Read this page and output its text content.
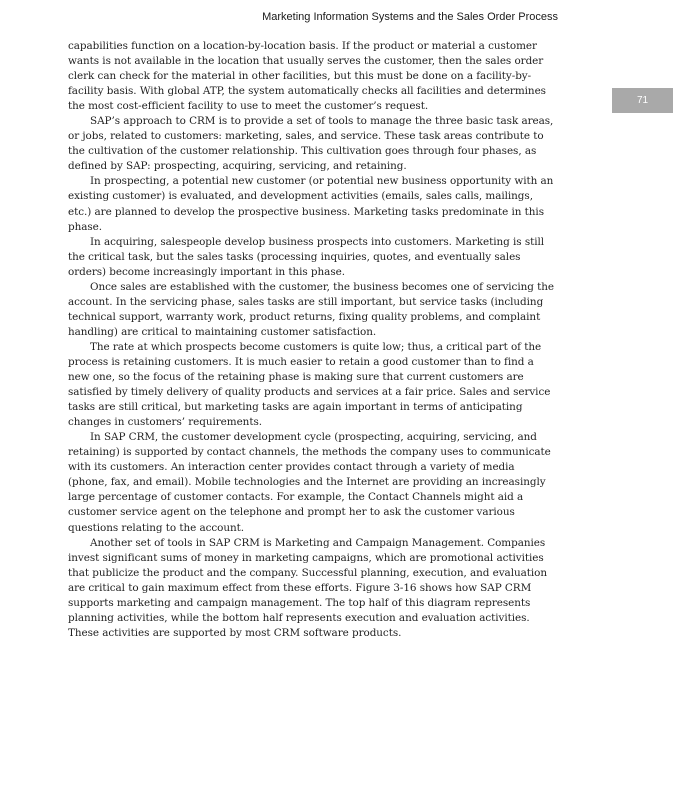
Marketing Information Systems and the Sales Order Process
71

capabilities function on a location-by-location basis. If the product or material a customer wants is not available in the location that usually serves the customer, then the sales order clerk can check for the material in other facilities, but this must be done on a facility-by-facility basis. With global ATP, the system automatically checks all facilities and determines the most cost-efficient facility to use to meet the customer’s request.

SAP’s approach to CRM is to provide a set of tools to manage the three basic task areas, or jobs, related to customers: marketing, sales, and service. These task areas contribute to the cultivation of the customer relationship. This cultivation goes through four phases, as defined by SAP: prospecting, acquiring, servicing, and retaining.

In prospecting, a potential new customer (or potential new business opportunity with an existing customer) is evaluated, and development activities (emails, sales calls, mailings, etc.) are planned to develop the prospective business. Marketing tasks predominate in this phase.

In acquiring, salespeople develop business prospects into customers. Marketing is still the critical task, but the sales tasks (processing inquiries, quotes, and eventually sales orders) become increasingly important in this phase.

Once sales are established with the customer, the business becomes one of servicing the account. In the servicing phase, sales tasks are still important, but service tasks (including technical support, warranty work, product returns, fixing quality problems, and complaint handling) are critical to maintaining customer satisfaction.

The rate at which prospects become customers is quite low; thus, a critical part of the process is retaining customers. It is much easier to retain a good customer than to find a new one, so the focus of the retaining phase is making sure that current customers are satisfied by timely delivery of quality products and services at a fair price. Sales and service tasks are still critical, but marketing tasks are again important in terms of anticipating changes in customers’ requirements.

In SAP CRM, the customer development cycle (prospecting, acquiring, servicing, and retaining) is supported by contact channels, the methods the company uses to communicate with its customers. An interaction center provides contact through a variety of media (phone, fax, and email). Mobile technologies and the Internet are providing an increasingly large percentage of customer contacts. For example, the Contact Channels might aid a customer service agent on the telephone and prompt her to ask the customer various questions relating to the account.

Another set of tools in SAP CRM is Marketing and Campaign Management. Companies invest significant sums of money in marketing campaigns, which are promotional activities that publicize the product and the company. Successful planning, execution, and evaluation are critical to gain maximum effect from these efforts. Figure 3-16 shows how SAP CRM supports marketing and campaign management. The top half of this diagram represents planning activities, while the bottom half represents execution and evaluation activities. These activities are supported by most CRM software products.
